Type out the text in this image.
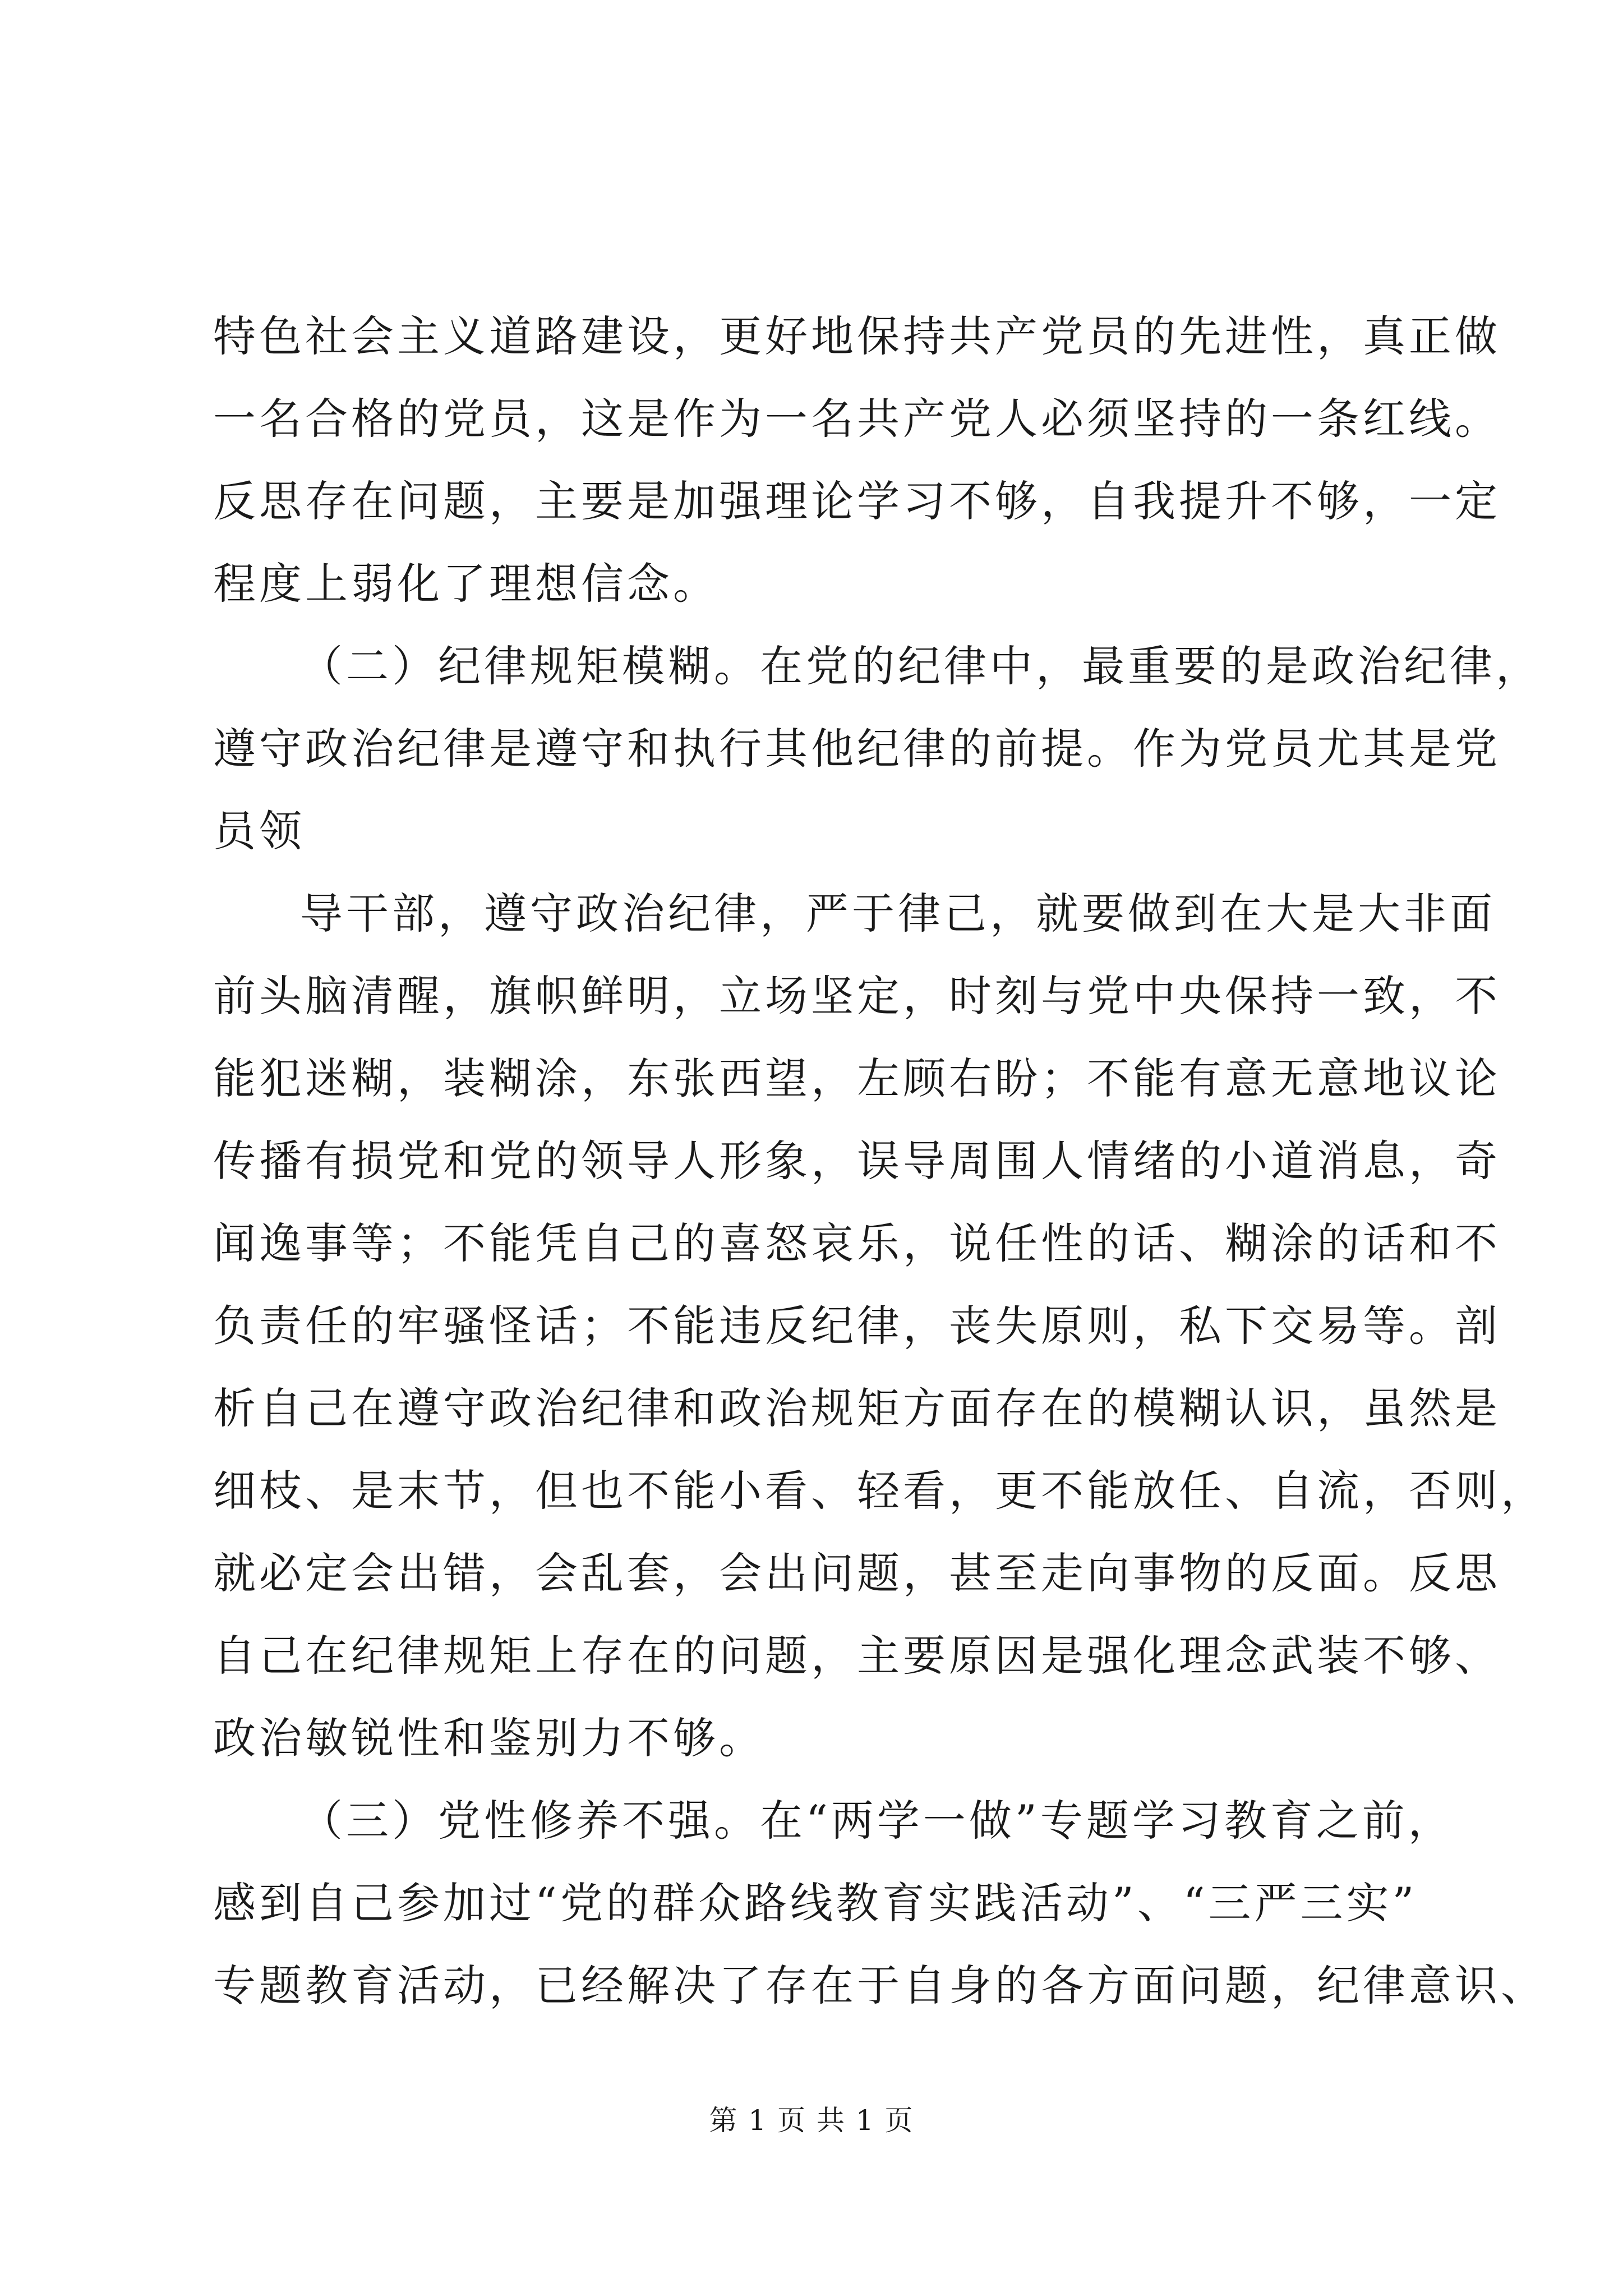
特色社会主义道路建设，更好地保持共产党员的先进性，真正做
一名合格的党员，这是作为一名共产党人必须坚持的一条红线。
反思存在问题，主要是加强理论学习不够，自我提升不够，一定
程度上弱化了理想信念。
（二）纪律规矩模糊。在党的纪律中，最重要的是政治纪律，
遵守政治纪律是遵守和执行其他纪律的前提。作为党员尤其是党
员领
导干部，遵守政治纪律，严于律己，就要做到在大是大非面
前头脑清醒，旗帜鲜明，立场坚定，时刻与党中央保持一致，不
能犯迷糊，装糊涂，东张西望，左顾右盼；不能有意无意地议论
传播有损党和党的领导人形象，误导周围人情绪的小道消息，奇
闻逸事等；不能凭自己的喜怒哀乐，说任性的话、糊涂的话和不
负责任的牢骚怪话；不能违反纪律，丧失原则，私下交易等。剖
析自己在遵守政治纪律和政治规矩方面存在的模糊认识，虽然是
细枝、是末节，但也不能小看、轻看，更不能放任、自流，否则，
就必定会出错，会乱套，会出问题，甚至走向事物的反面。反思
自己在纪律规矩上存在的问题，主要原因是强化理念武装不够、
政治敏锐性和鉴别力不够。
（三）党性修养不强。在“两学一做”专题学习教育之前，
感到自己参加过“党的群众路线教育实践活动”、“三严三实”
专题教育活动，已经解决了存在于自身的各方面问题，纪律意识、
第 1 页 共 1 页
